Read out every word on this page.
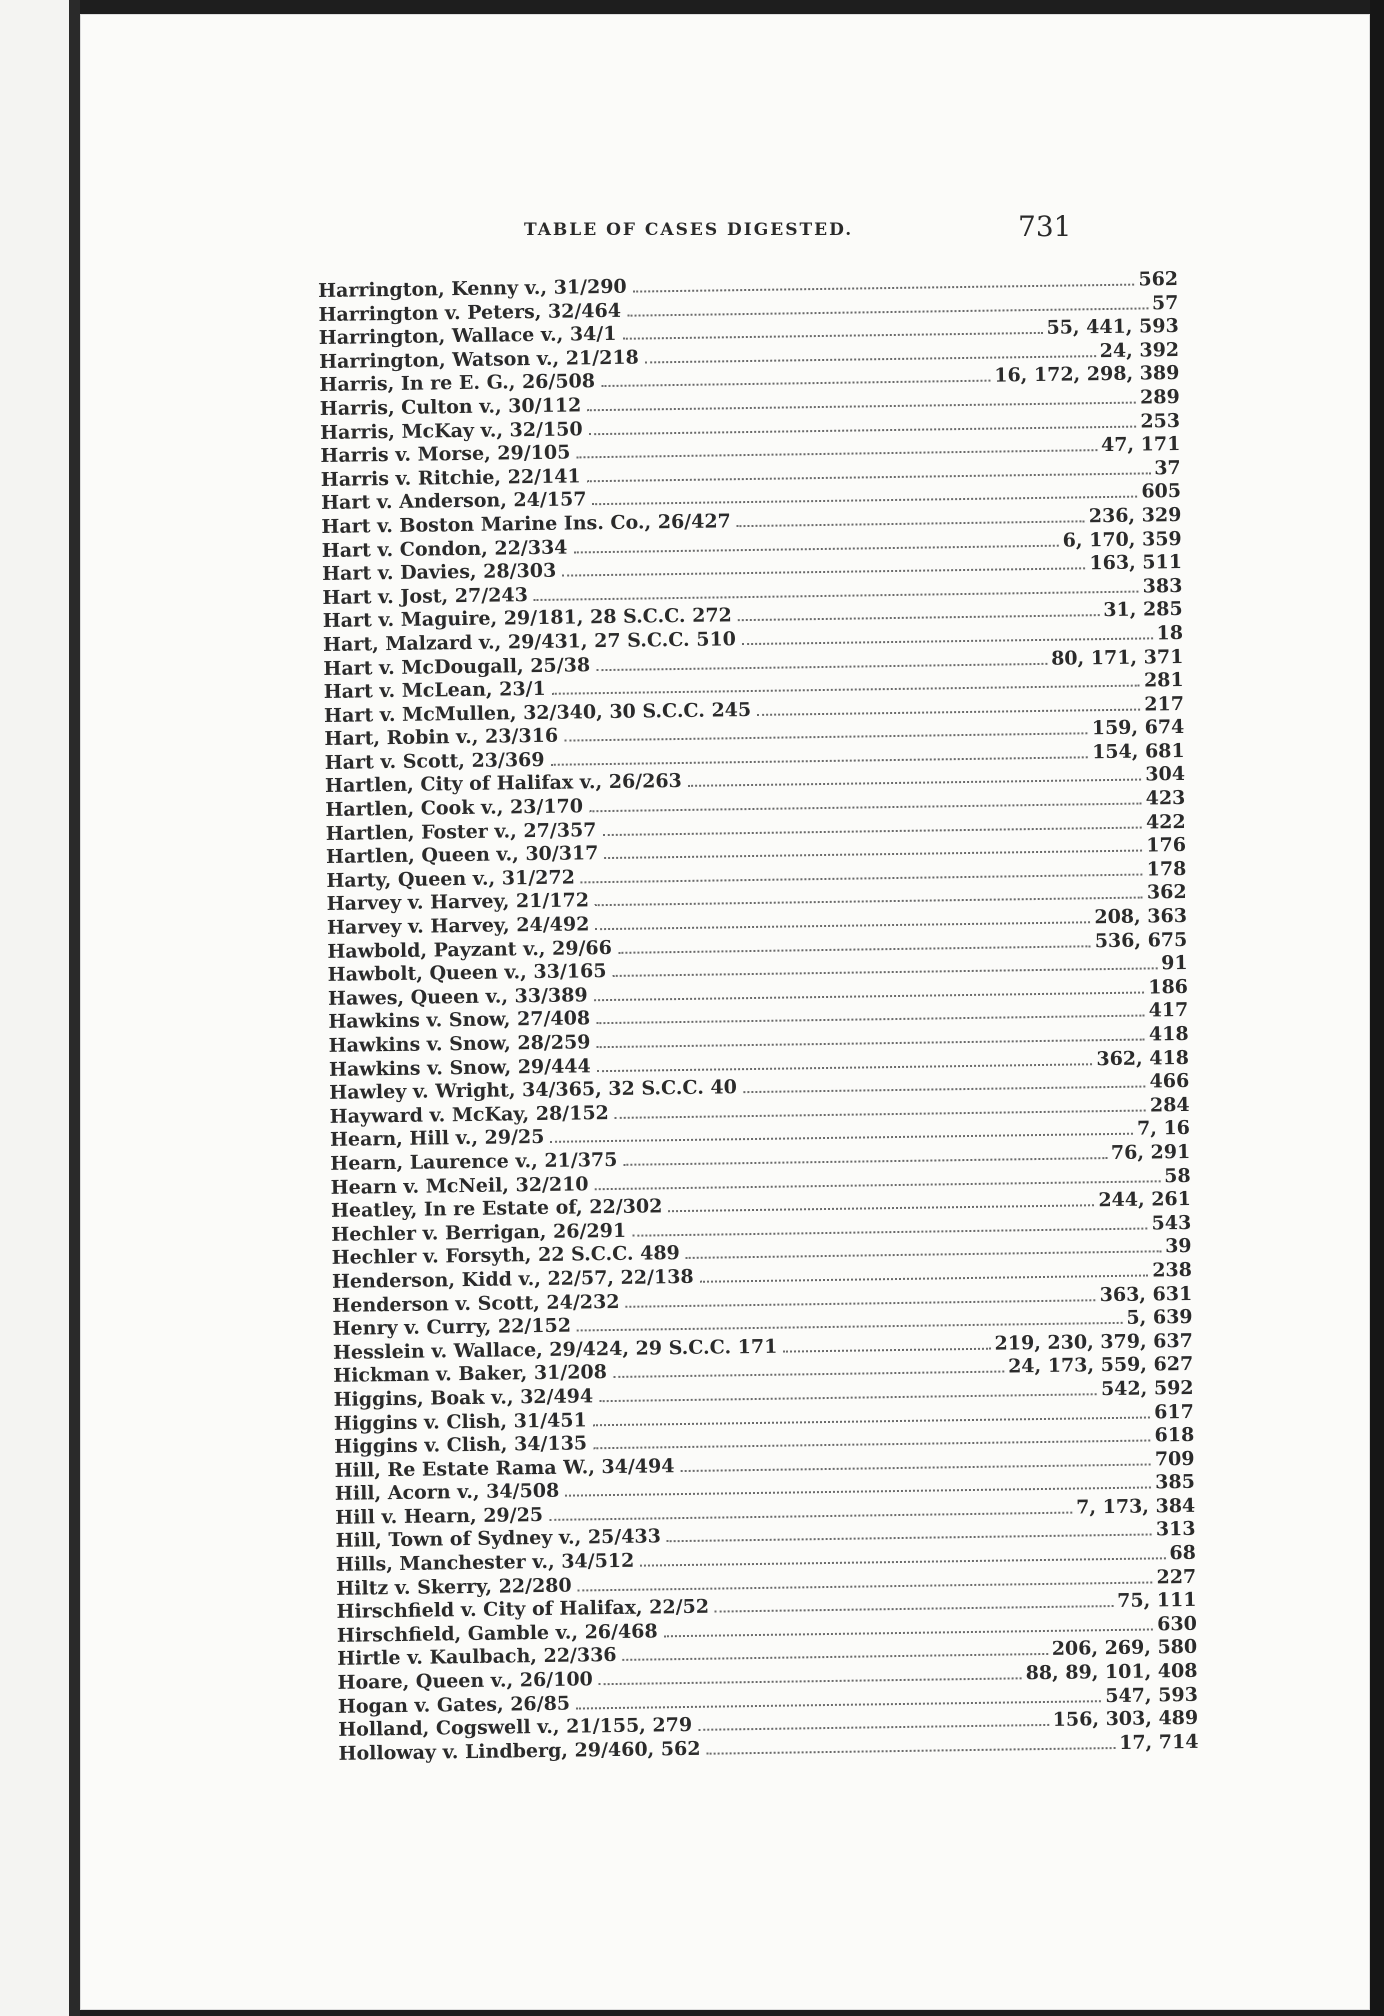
TABLE OF CASES DIGESTED.	731
Harrington, Kenny v., 31/290	562
Harrington v. Peters, 32/464	57
Harrington, Wallace v., 34/1	55, 441, 593
Harrington, Watson v., 21/218	24, 392
Harris, In re E. G., 26/508	16, 172, 298, 389
Harris, Culton v., 30/112	289
Harris, McKay v., 32/150	253
Harris v. Morse, 29/105	47, 171
Harris v. Ritchie, 22/141	37
Hart v. Anderson, 24/157	605
Hart v. Boston Marine Ins. Co., 26/427	236, 329
Hart v. Condon, 22/334	6, 170, 359
Hart v. Davies, 28/303	163, 511
Hart v. Jost, 27/243	383
Hart v. Maguire, 29/181, 28 S.C.C. 272	31, 285
Hart, Malzard v., 29/431, 27 S.C.C. 510	18
Hart v. McDougall, 25/38	80, 171, 371
Hart v. McLean, 23/1	281
Hart v. McMullen, 32/340, 30 S.C.C. 245	217
Hart, Robin v., 23/316	159, 674
Hart v. Scott, 23/369	154, 681
Hartlen, City of Halifax v., 26/263	304
Hartlen, Cook v., 23/170	423
Hartlen, Foster v., 27/357	422
Hartlen, Queen v., 30/317	176
Harty, Queen v., 31/272	178
Harvey v. Harvey, 21/172	362
Harvey v. Harvey, 24/492	208, 363
Hawbold, Payzant v., 29/66	536, 675
Hawbolt, Queen v., 33/165	91
Hawes, Queen v., 33/389	186
Hawkins v. Snow, 27/408	417
Hawkins v. Snow, 28/259	418
Hawkins v. Snow, 29/444	362, 418
Hawley v. Wright, 34/365, 32 S.C.C. 40	466
Hayward v. McKay, 28/152	284
Hearn, Hill v., 29/25	7, 16
Hearn, Laurence v., 21/375	76, 291
Hearn v. McNeil, 32/210	58
Heatley, In re Estate of, 22/302	244, 261
Hechler v. Berrigan, 26/291	543
Hechler v. Forsyth, 22 S.C.C. 489	39
Henderson, Kidd v., 22/57, 22/138	238
Henderson v. Scott, 24/232	363, 631
Henry v. Curry, 22/152	5, 639
Hesslein v. Wallace, 29/424, 29 S.C.C. 171	219, 230, 379, 637
Hickman v. Baker, 31/208	24, 173, 559, 627
Higgins, Boak v., 32/494	542, 592
Higgins v. Clish, 31/451	617
Higgins v. Clish, 34/135	618
Hill, Re Estate Rama W., 34/494	709
Hill, Acorn v., 34/508	385
Hill v. Hearn, 29/25	7, 173, 384
Hill, Town of Sydney v., 25/433	313
Hills, Manchester v., 34/512	68
Hiltz v. Skerry, 22/280	227
Hirschfield v. City of Halifax, 22/52	75, 111
Hirschfield, Gamble v., 26/468	630
Hirtle v. Kaulbach, 22/336	206, 269, 580
Hoare, Queen v., 26/100	88, 89, 101, 408
Hogan v. Gates, 26/85	547, 593
Holland, Cogswell v., 21/155, 279	156, 303, 489
Holloway v. Lindberg, 29/460, 562	17, 714
